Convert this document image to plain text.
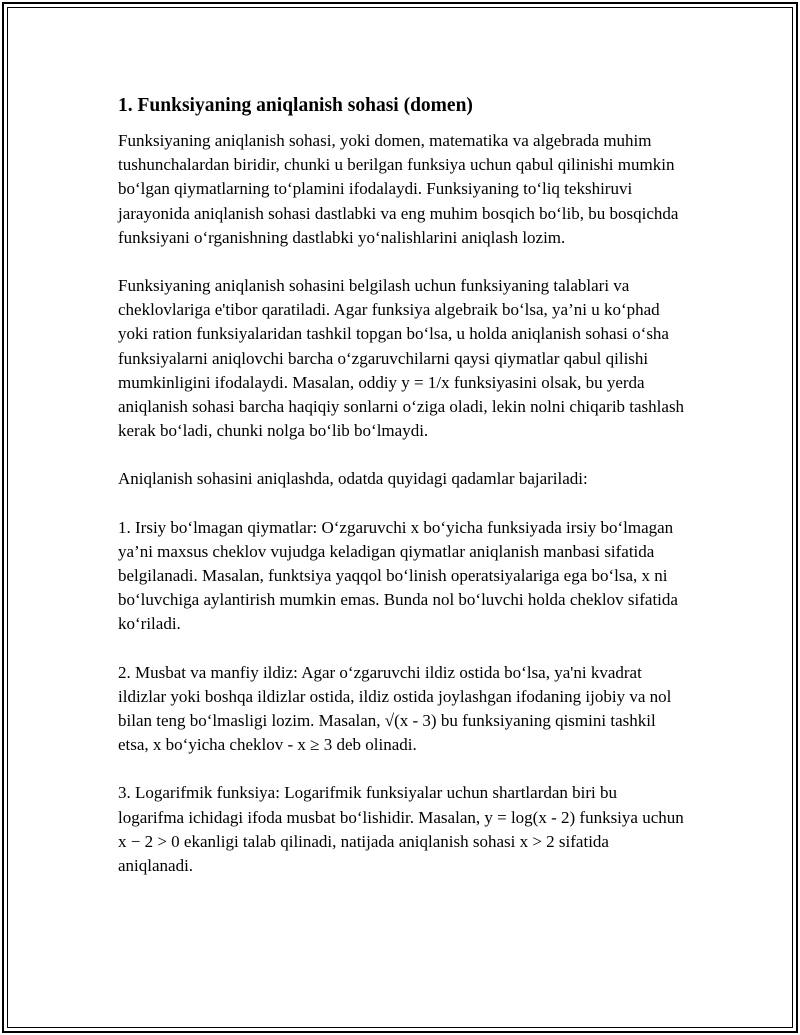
1. Funksiyaning aniqlanish sohasi (domen)

Funksiyaning aniqlanish sohasi, yoki domen, matematika va algebrada muhim tushunchalardan biridir, chunki u berilgan funksiya uchun qabul qilinishi mumkin bo‘lgan qiymatlarning to‘plamini ifodalaydi. Funksiyaning to‘liq tekshiruvi jarayonida aniqlanish sohasi dastlabki va eng muhim bosqich bo‘lib, bu bosqichda funksiyani o‘rganishning dastlabki yo‘nalishlarini aniqlash lozim.

Funksiyaning aniqlanish sohasini belgilash uchun funksiyaning talablari va cheklovlariga e'tibor qaratiladi. Agar funksiya algebraik bo‘lsa, ya’ni u ko‘phad yoki ration funksiyalaridan tashkil topgan bo‘lsa, u holda aniqlanish sohasi o‘sha funksiyalarni aniqlovchi barcha o‘zgaruvchilarni qaysi qiymatlar qabul qilishi mumkinligini ifodalaydi. Masalan, oddiy y = 1/x funksiyasini olsak, bu yerda aniqlanish sohasi barcha haqiqiy sonlarni o‘ziga oladi, lekin nolni chiqarib tashlash kerak bo‘ladi, chunki nolga bo‘lib bo‘lmaydi.

Aniqlanish sohasini aniqlashda, odatda quyidagi qadamlar bajariladi:

1. Irsiy bo‘lmagan qiymatlar: O‘zgaruvchi x bo‘yicha funksiyada irsiy bo‘lmagan ya’ni maxsus cheklov vujudga keladigan qiymatlar aniqlanish manbasi sifatida belgilanadi. Masalan, funktsiya yaqqol bo‘linish operatsiyalariga ega bo‘lsa, x ni bo‘luvchiga aylantirish mumkin emas. Bunda nol bo‘luvchi holda cheklov sifatida ko‘riladi.

2. Musbat va manfiy ildiz: Agar o‘zgaruvchi ildiz ostida bo‘lsa, ya'ni kvadrat ildizlar yoki boshqa ildizlar ostida, ildiz ostida joylashgan ifodaning ijobiy va nol bilan teng bo‘lmasligi lozim. Masalan, √(x - 3) bu funksiyaning qismini tashkil etsa, x bo‘yicha cheklov - x ≥ 3 deb olinadi.

3. Logarifmik funksiya: Logarifmik funksiyalar uchun shartlardan biri bu logarifma ichidagi ifoda musbat bo‘lishidir. Masalan, y = log(x - 2) funksiya uchun x − 2 > 0 ekanligi talab qilinadi, natijada aniqlanish sohasi x > 2 sifatida aniqlanadi.
